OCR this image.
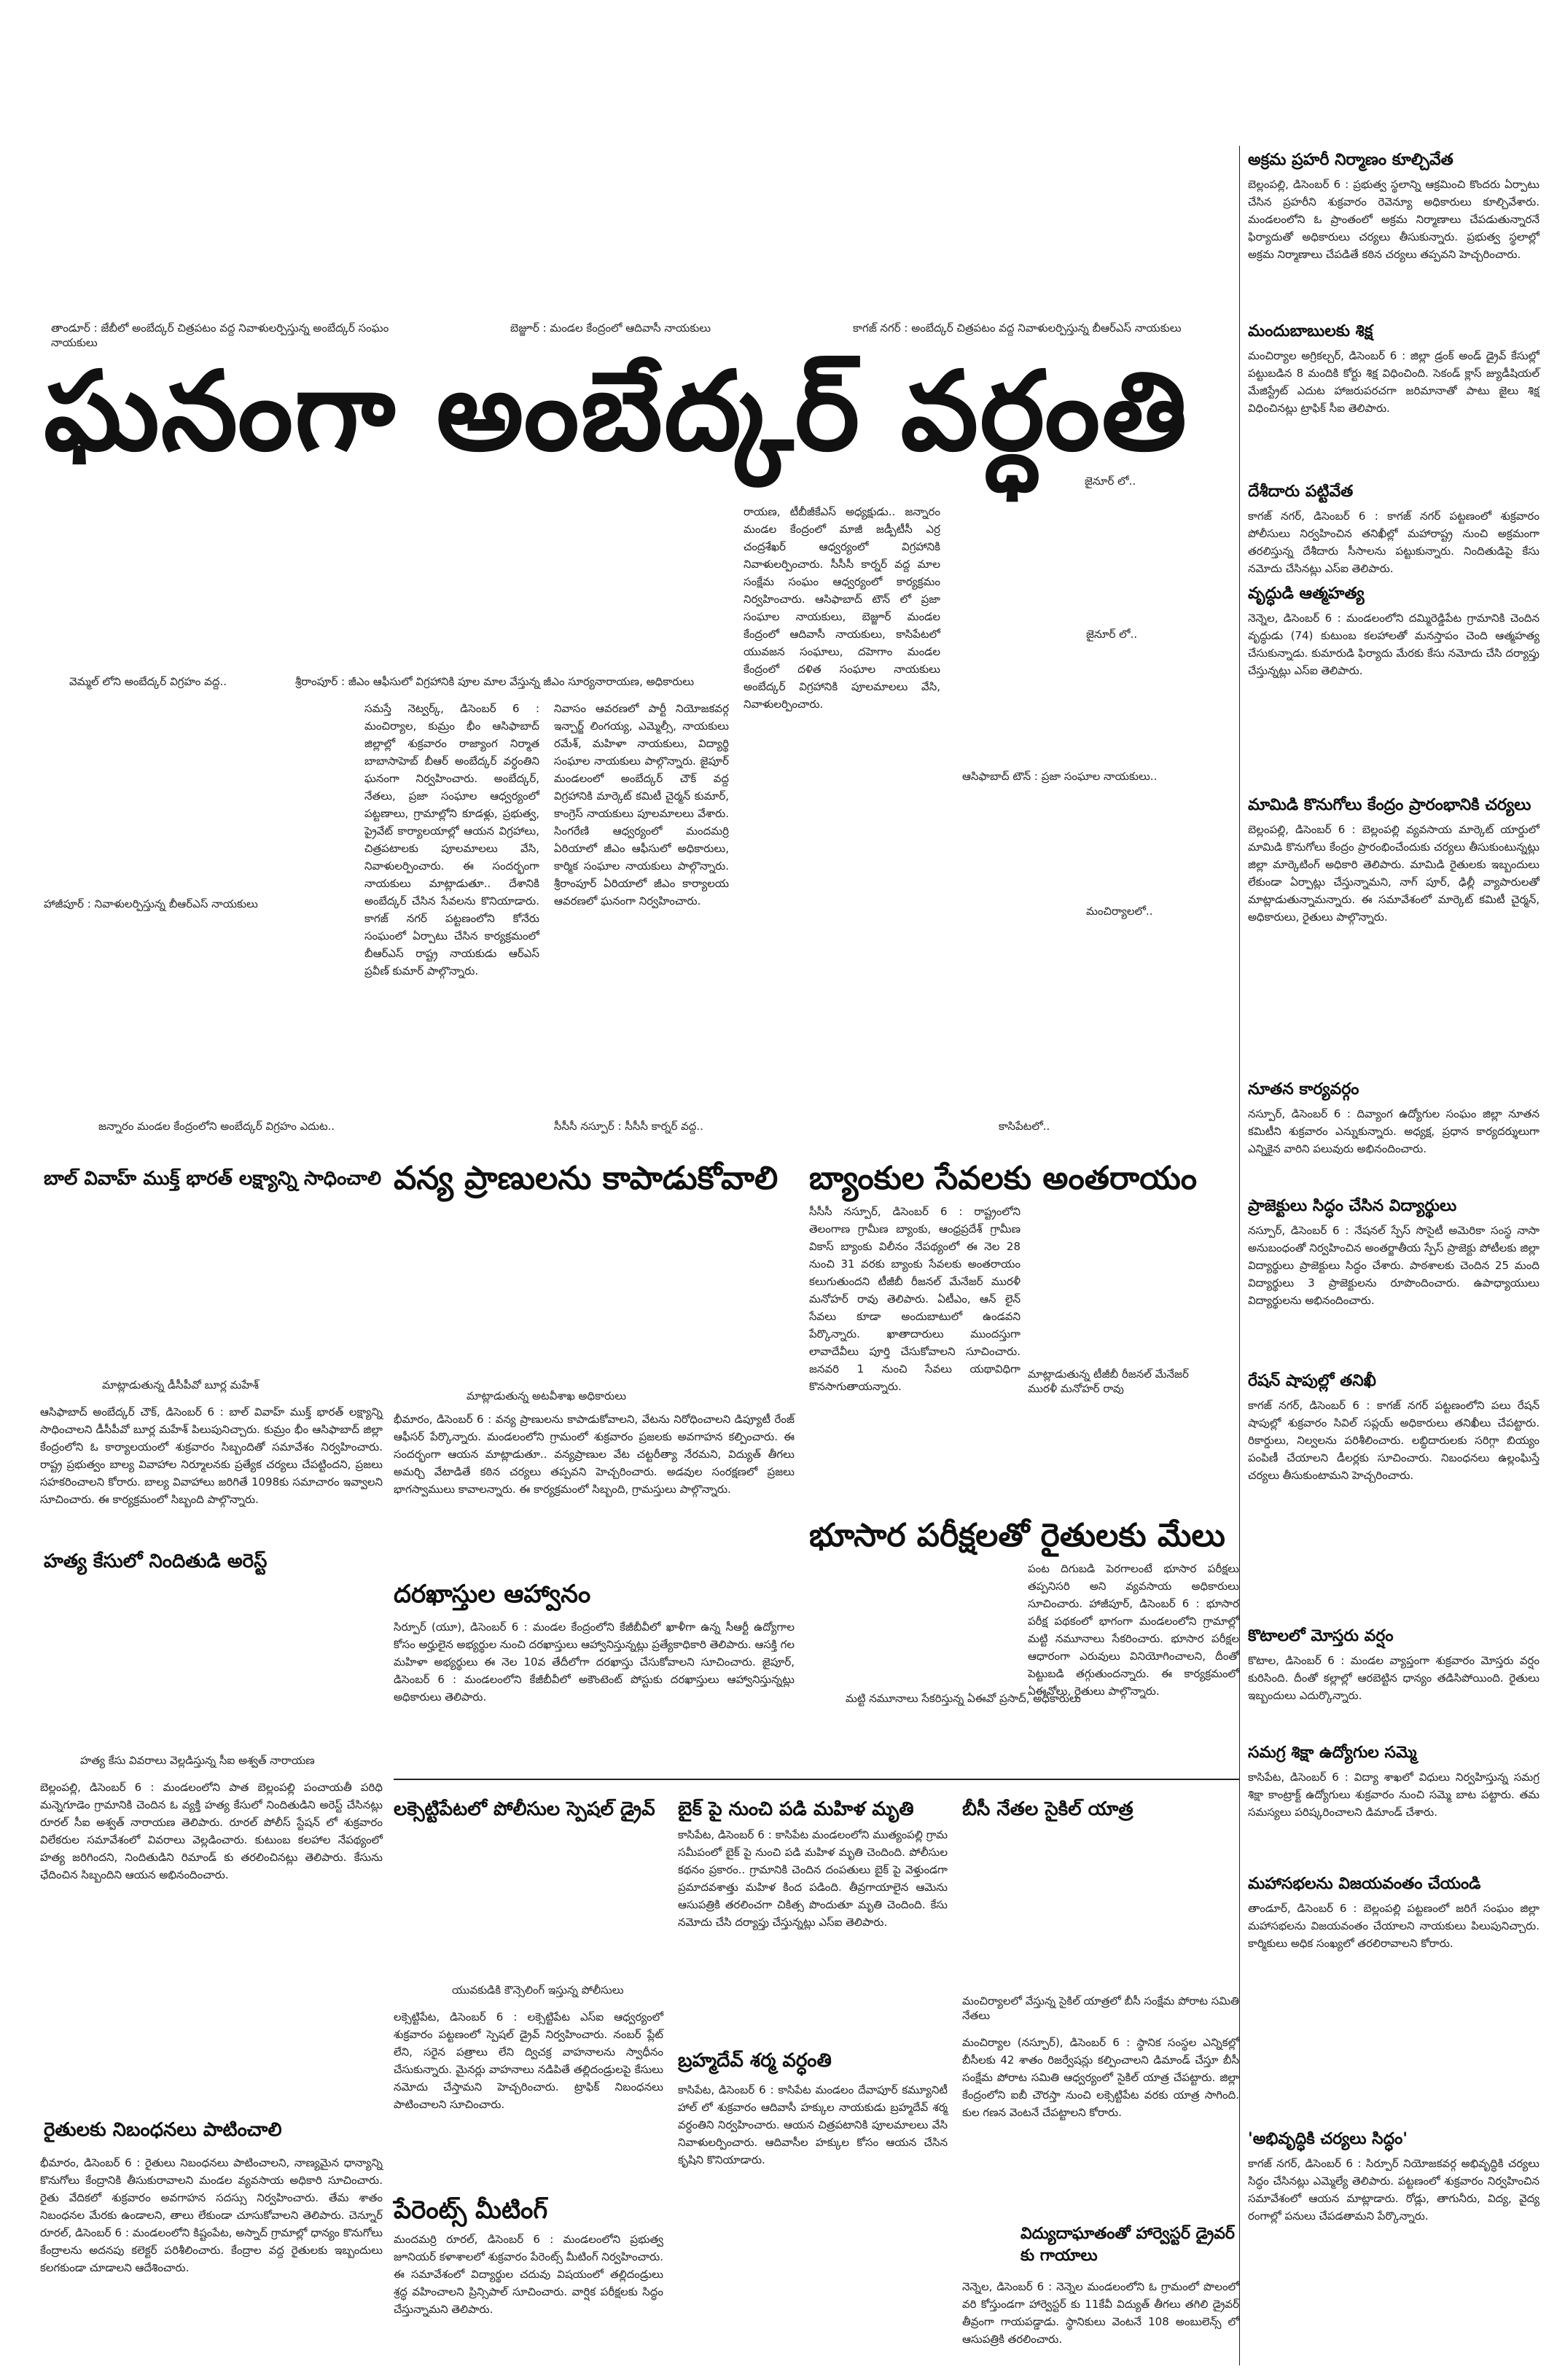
తాండూర్ : జేబీలో అంబేద్కర్ చిత్రపటం వద్ద నివాళులర్పిస్తున్న అంబేద్కర్ సంఘం నాయకులు
బెజ్జూర్ : మండల కేంద్రంలో ఆదివాసీ నాయకులు	కాగజ్ నగర్ : అంబేద్కర్ చిత్రపటం వద్ద నివాళులర్పిస్తున్న బీఆర్ఎస్ నాయకులు
ఘనంగా అంబేద్కర్ వర్ధంతి
జైనూర్ లో..
జైనూర్ లో..
వెమ్మల్ లోని అంబేద్కర్ విగ్రహం వద్ద..	శ్రీరాంపూర్ : జీఎం ఆఫీసులో విగ్రహానికి పూల మాల వేస్తున్న జీఎం సూర్యనారాయణ, అధికారులు
ఆసిఫాబాద్ టౌన్ : ప్రజా సంఘాల నాయకులు..
మంచిర్యాలలో..
హాజీపూర్ : నివాళులర్పిస్తున్న బీఆర్ఎస్ నాయకులు
సమస్తే నెట్వర్క్, డిసెంబర్ 6 : మంచిర్యాల, కుమ్రం భీం ఆసిఫాబాద్ జిల్లాల్లో శుక్రవారం రాజ్యాంగ నిర్మాత బాబాసాహెబ్ బీఆర్ అంబేద్కర్ వర్ధంతిని ఘనంగా నిర్వహించారు. అంబేద్కర్, నేతలు, ప్రజా సంఘాల ఆధ్వర్యంలో పట్టణాలు, గ్రామాల్లోని కూడళ్లు, ప్రభుత్వ, ప్రైవేట్ కార్యాలయాల్లో ఆయన విగ్రహాలు, చిత్రపటాలకు పూలమాలలు వేసి, నివాళులర్పించారు. ఈ సందర్భంగా నాయకులు మాట్లాడుతూ.. దేశానికి అంబేద్కర్ చేసిన సేవలను కొనియాడారు. కాగజ్ నగర్ పట్టణంలోని కోనేరు సంఘంలో ఏర్పాటు చేసిన కార్యక్రమంలో బీఆర్ఎస్ రాష్ట్ర నాయకుడు ఆర్ఎస్ ప్రవీణ్ కుమార్ పాల్గొన్నారు.
నివాసం ఆవరణలో పార్టీ నియోజకవర్గ ఇన్చార్జ్ లింగయ్య, ఎమ్మెల్సీ, నాయకులు రమేశ్, మహిళా నాయకులు, విద్యార్థి సంఘాల నాయకులు పాల్గొన్నారు. జైపూర్ మండలంలో అంబేద్కర్ చౌక్ వద్ద విగ్రహానికి మార్కెట్ కమిటీ చైర్మన్ కుమార్, కాంగ్రెస్ నాయకులు పూలమాలలు వేశారు. సింగరేణి ఆధ్వర్యంలో మందమర్రి ఏరియాలో జీఎం ఆఫీసులో అధికారులు, కార్మిక సంఘాల నాయకులు పాల్గొన్నారు. శ్రీరాంపూర్ ఏరియాలో జీఎం కార్యాలయ ఆవరణలో ఘనంగా నిర్వహించారు.
రాయణ, టీబీజీకేఎస్ అధ్యక్షుడు.. జన్నారం మండల కేంద్రంలో మాజీ జడ్పీటీసీ ఎర్ర చంద్రశేఖర్ ఆధ్వర్యంలో విగ్రహానికి నివాళులర్పించారు. సీసీసీ కార్నర్ వద్ద మాల సంక్షేమ సంఘం ఆధ్వర్యంలో కార్యక్రమం నిర్వహించారు. ఆసిఫాబాద్ టౌన్ లో ప్రజా సంఘాల నాయకులు, బెజ్జూర్ మండల కేంద్రంలో ఆదివాసీ నాయకులు, కాసిపేటలో యువజన సంఘాలు, దహెగాం మండల కేంద్రంలో దళిత సంఘాల నాయకులు అంబేద్కర్ విగ్రహానికి పూలమాలలు వేసి, నివాళులర్పించారు.
జన్నారం మండల కేంద్రంలోని అంబేద్కర్ విగ్రహం ఎదుట..	సీసీసీ నస్పూర్ : సీసీసీ కార్నర్ వద్ద..	కాసిపేటలో..
బాల్ వివాహ్ ముక్త్ భారత్ లక్ష్యాన్ని సాధించాలి
మాట్లాడుతున్న డీసీపీవో బూర్ల మహేశ్
ఆసిఫాబాద్ అంబేద్కర్ చౌక్, డిసెంబర్ 6 : బాల్ వివాహ్ ముక్త్ భారత్ లక్ష్యాన్ని సాధించాలని డీసీపీవో బూర్ల మహేశ్ పిలుపునిచ్చారు. కుమ్రం భీం ఆసిఫాబాద్ జిల్లా కేంద్రంలోని ఓ కార్యాలయంలో శుక్రవారం సిబ్బందితో సమావేశం నిర్వహించారు. రాష్ట్ర ప్రభుత్వం బాల్య వివాహాల నిర్మూలనకు ప్రత్యేక చర్యలు చేపట్టిందని, ప్రజలు సహకరించాలని కోరారు. బాల్య వివాహాలు జరిగితే 1098కు సమాచారం ఇవ్వాలని సూచించారు. ఈ కార్యక్రమంలో సిబ్బంది పాల్గొన్నారు.
హత్య కేసులో నిందితుడి అరెస్ట్
హత్య కేసు వివరాలు వెల్లడిస్తున్న సీఐ అశ్వత్ నారాయణ
బెల్లంపల్లి, డిసెంబర్ 6 : మండలంలోని పాత బెల్లంపల్లి పంచాయతీ పరిధి మన్నెగూడెం గ్రామానికి చెందిన ఓ వ్యక్తి హత్య కేసులో నిందితుడిని అరెస్ట్ చేసినట్లు రూరల్ సీఐ అశ్వత్ నారాయణ తెలిపారు. రూరల్ పోలీస్ స్టేషన్ లో శుక్రవారం విలేకరుల సమావేశంలో వివరాలు వెల్లడించారు. కుటుంబ కలహాల నేపథ్యంలో హత్య జరిగిందని, నిందితుడిని రిమాండ్ కు తరలించినట్లు తెలిపారు. కేసును ఛేదించిన సిబ్బందిని ఆయన అభినందించారు.
రైతులకు నిబంధనలు పాటించాలి
భీమారం, డిసెంబర్ 6 : రైతులు నిబంధనలు పాటించాలని, నాణ్యమైన ధాన్యాన్ని కొనుగోలు కేంద్రానికి తీసుకురావాలని మండల వ్యవసాయ అధికారి సూచించారు. రైతు వేదికలో శుక్రవారం అవగాహన సదస్సు నిర్వహించారు. తేమ శాతం నిబంధనల మేరకు ఉండాలని, తాలు లేకుండా చూసుకోవాలని తెలిపారు. చెన్నూర్ రూరల్, డిసెంబర్ 6 : మండలంలోని కిష్టంపేట, అస్నాద్ గ్రామాల్లో ధాన్యం కొనుగోలు కేంద్రాలను అదనపు కలెక్టర్ పరిశీలించారు. కేంద్రాల వద్ద రైతులకు ఇబ్బందులు కలగకుండా చూడాలని ఆదేశించారు.
వన్య ప్రాణులను కాపాడుకోవాలి
మాట్లాడుతున్న అటవీశాఖ అధికారులు
భీమారం, డిసెంబర్ 6 : వన్య ప్రాణులను కాపాడుకోవాలని, వేటను నిరోధించాలని డిప్యూటీ రేంజ్ ఆఫీసర్ పేర్కొన్నారు. మండలంలోని గ్రామంలో శుక్రవారం ప్రజలకు అవగాహన కల్పించారు. ఈ సందర్భంగా ఆయన మాట్లాడుతూ.. వన్యప్రాణుల వేట చట్టరీత్యా నేరమని, విద్యుత్ తీగలు అమర్చి వేటాడితే కఠిన చర్యలు తప్పవని హెచ్చరించారు. అడవుల సంరక్షణలో ప్రజలు భాగస్వాములు కావాలన్నారు. ఈ కార్యక్రమంలో సిబ్బంది, గ్రామస్తులు పాల్గొన్నారు.
దరఖాస్తుల ఆహ్వానం
సిర్పూర్ (యూ), డిసెంబర్ 6 : మండల కేంద్రంలోని కేజీబీవీలో ఖాళీగా ఉన్న సీఆర్టీ ఉద్యోగాల కోసం అర్హులైన అభ్యర్థుల నుంచి దరఖాస్తులు ఆహ్వానిస్తున్నట్లు ప్రత్యేకాధికారి తెలిపారు. ఆసక్తి గల మహిళా అభ్యర్థులు ఈ నెల 10వ తేదీలోగా దరఖాస్తు చేసుకోవాలని సూచించారు. జైపూర్, డిసెంబర్ 6 : మండలంలోని కేజీబీవీలో అకౌంటెంట్ పోస్టుకు దరఖాస్తులు ఆహ్వానిస్తున్నట్లు అధికారులు తెలిపారు.
బ్యాంకుల సేవలకు అంతరాయం
సీసీసీ నస్పూర్, డిసెంబర్ 6 : రాష్ట్రంలోని తెలంగాణ గ్రామీణ బ్యాంకు, ఆంధ్రప్రదేశ్ గ్రామీణ వికాస్ బ్యాంకు విలీనం నేపథ్యంలో ఈ నెల 28 నుంచి 31 వరకు బ్యాంకు సేవలకు అంతరాయం కలుగుతుందని టీజీబీ రీజనల్ మేనేజర్ మురళీ మనోహర్ రావు తెలిపారు. ఏటీఎం, ఆన్ లైన్ సేవలు కూడా అందుబాటులో ఉండవని పేర్కొన్నారు. ఖాతాదారులు ముందస్తుగా లావాదేవీలు పూర్తి చేసుకోవాలని సూచించారు. జనవరి 1 నుంచి సేవలు యథావిధిగా కొనసాగుతాయన్నారు.
మాట్లాడుతున్న టీజీబీ రీజనల్ మేనేజర్ మురళీ మనోహర్ రావు
భూసార పరీక్షలతో రైతులకు మేలు
పంట దిగుబడి పెరగాలంటే భూసార పరీక్షలు తప్పనిసరి అని వ్యవసాయ అధికారులు సూచించారు. హాజీపూర్, డిసెంబర్ 6 : భూసార పరీక్ష పథకంలో భాగంగా మండలంలోని గ్రామాల్లో మట్టి నమూనాలు సేకరించారు. భూసార పరీక్షల ఆధారంగా ఎరువులు వినియోగించాలని, దీంతో పెట్టుబడి తగ్గుతుందన్నారు. ఈ కార్యక్రమంలో ఏఈవోలు, రైతులు పాల్గొన్నారు.
మట్టి నమూనాలు సేకరిస్తున్న ఏఈవో ప్రసాద్, అధికారులు
లక్సెట్టిపేటలో పోలీసుల స్పెషల్ డ్రైవ్
యువకుడికి కౌన్సెలింగ్ ఇస్తున్న పోలీసులు
లక్సెట్టిపేట, డిసెంబర్ 6 : లక్సెట్టిపేట ఎస్ఐ ఆధ్వర్యంలో శుక్రవారం పట్టణంలో స్పెషల్ డ్రైవ్ నిర్వహించారు. నంబర్ ప్లేట్ లేని, సరైన పత్రాలు లేని ద్విచక్ర వాహనాలను స్వాధీనం చేసుకున్నారు. మైనర్లు వాహనాలు నడిపితే తల్లిదండ్రులపై కేసులు నమోదు చేస్తామని హెచ్చరించారు. ట్రాఫిక్ నిబంధనలు పాటించాలని సూచించారు.
పేరెంట్స్ మీటింగ్
మందమర్రి రూరల్, డిసెంబర్ 6 : మండలంలోని ప్రభుత్వ జూనియర్ కళాశాలలో శుక్రవారం పేరెంట్స్ మీటింగ్ నిర్వహించారు. ఈ సమావేశంలో విద్యార్థుల చదువు విషయంలో తల్లిదండ్రులు శ్రద్ధ వహించాలని ప్రిన్సిపాల్ సూచించారు. వార్షిక పరీక్షలకు సిద్ధం చేస్తున్నామని తెలిపారు.
బైక్ పై నుంచి పడి మహిళ మృతి
కాసిపేట, డిసెంబర్ 6 : కాసిపేట మండలంలోని ముత్యంపల్లి గ్రామ సమీపంలో బైక్ పై నుంచి పడి మహిళ మృతి చెందింది. పోలీసుల కథనం ప్రకారం.. గ్రామానికి చెందిన దంపతులు బైక్ పై వెళ్తుండగా ప్రమాదవశాత్తు మహిళ కింద పడింది. తీవ్రగాయాలైన ఆమెను ఆసుపత్రికి తరలించగా చికిత్స పొందుతూ మృతి చెందింది. కేసు నమోదు చేసి దర్యాప్తు చేస్తున్నట్లు ఎస్ఐ తెలిపారు.
బ్రహ్మదేవ్ శర్మ వర్ధంతి
కాసిపేట, డిసెంబర్ 6 : కాసిపేట మండలం దేవాపూర్ కమ్యూనిటీ హాల్ లో శుక్రవారం ఆదివాసీ హక్కుల నాయకుడు బ్రహ్మదేవ్ శర్మ వర్ధంతిని నిర్వహించారు. ఆయన చిత్రపటానికి పూలమాలలు వేసి నివాళులర్పించారు. ఆదివాసీల హక్కుల కోసం ఆయన చేసిన కృషిని కొనియాడారు.
బీసీ నేతల సైకిల్ యాత్ర
మంచిర్యాలలో వేస్తున్న సైకిల్ యాత్రలో బీసీ సంక్షేమ పోరాట సమితి నేతలు
మంచిర్యాల (నస్పూర్), డిసెంబర్ 6 : స్థానిక సంస్థల ఎన్నికల్లో బీసీలకు 42 శాతం రిజర్వేషన్లు కల్పించాలని డిమాండ్ చేస్తూ బీసీ సంక్షేమ పోరాట సమితి ఆధ్వర్యంలో సైకిల్ యాత్ర చేపట్టారు. జిల్లా కేంద్రంలోని ఐబీ చౌరస్తా నుంచి లక్సెట్టిపేట వరకు యాత్ర సాగింది. కుల గణన వెంటనే చేపట్టాలని కోరారు.
విద్యుదాఘాతంతో హార్వెస్టర్ డ్రైవర్ కు గాయాలు
నెన్నెల, డిసెంబర్ 6 : నెన్నెల మండలంలోని ఓ గ్రామంలో పొలంలో వరి కోస్తుండగా హార్వెస్టర్ కు 11కేవీ విద్యుత్ తీగలు తగిలి డ్రైవర్ తీవ్రంగా గాయపడ్డాడు. స్థానికులు వెంటనే 108 అంబులెన్స్ లో ఆసుపత్రికి తరలించారు.
అక్రమ ప్రహరీ నిర్మాణం కూల్చివేత
బెల్లంపల్లి, డిసెంబర్ 6 : ప్రభుత్వ స్థలాన్ని ఆక్రమించి కొందరు ఏర్పాటు చేసిన ప్రహరీని శుక్రవారం రెవెన్యూ అధికారులు కూల్చివేశారు. మండలంలోని ఓ ప్రాంతంలో అక్రమ నిర్మాణాలు చేపడుతున్నారనే ఫిర్యాదుతో అధికారులు చర్యలు తీసుకున్నారు. ప్రభుత్వ స్థలాల్లో అక్రమ నిర్మాణాలు చేపడితే కఠిన చర్యలు తప్పవని హెచ్చరించారు.
మందుబాబులకు శిక్ష
మంచిర్యాల అగ్రికల్చర్, డిసెంబర్ 6 : జిల్లా డ్రంక్ అండ్ డ్రైవ్ కేసుల్లో పట్టుబడిన 8 మందికి కోర్టు శిక్ష విధించింది. సెకండ్ క్లాస్ జ్యుడీషియల్ మేజిస్ట్రేట్ ఎదుట హాజరుపరచగా జరిమానాతో పాటు జైలు శిక్ష విధించినట్లు ట్రాఫిక్ సీఐ తెలిపారు.
దేశీదారు పట్టివేత
కాగజ్ నగర్, డిసెంబర్ 6 : కాగజ్ నగర్ పట్టణంలో శుక్రవారం పోలీసులు నిర్వహించిన తనిఖీల్లో మహారాష్ట్ర నుంచి అక్రమంగా తరలిస్తున్న దేశీదారు సీసాలను పట్టుకున్నారు. నిందితుడిపై కేసు నమోదు చేసినట్లు ఎస్ఐ తెలిపారు.
వృద్ధుడి ఆత్మహత్య
నెన్నెల, డిసెంబర్ 6 : మండలంలోని దమ్మిరెడ్డిపేట గ్రామానికి చెందిన వృద్ధుడు (74) కుటుంబ కలహాలతో మనస్తాపం చెంది ఆత్మహత్య చేసుకున్నాడు. కుమారుడి ఫిర్యాదు మేరకు కేసు నమోదు చేసి దర్యాప్తు చేస్తున్నట్లు ఎస్ఐ తెలిపారు.
మామిడి కొనుగోలు కేంద్రం ప్రారంభానికి చర్యలు
బెల్లంపల్లి, డిసెంబర్ 6 : బెల్లంపల్లి వ్యవసాయ మార్కెట్ యార్డులో మామిడి కొనుగోలు కేంద్రం ప్రారంభించేందుకు చర్యలు తీసుకుంటున్నట్లు జిల్లా మార్కెటింగ్ అధికారి తెలిపారు. మామిడి రైతులకు ఇబ్బందులు లేకుండా ఏర్పాట్లు చేస్తున్నామని, నాగ్ పూర్, ఢిల్లీ వ్యాపారులతో మాట్లాడుతున్నామన్నారు. ఈ సమావేశంలో మార్కెట్ కమిటీ చైర్మన్, అధికారులు, రైతులు పాల్గొన్నారు.
నూతన కార్యవర్గం
నస్పూర్, డిసెంబర్ 6 : దివ్యాంగ ఉద్యోగుల సంఘం జిల్లా నూతన కమిటీని శుక్రవారం ఎన్నుకున్నారు. అధ్యక్ష, ప్రధాన కార్యదర్శులుగా ఎన్నికైన వారిని పలువురు అభినందించారు.
ప్రాజెక్టులు సిద్ధం చేసిన విద్యార్థులు
నస్పూర్, డిసెంబర్ 6 : నేషనల్ స్పేస్ సొసైటీ అమెరికా సంస్థ నాసా అనుబంధంతో నిర్వహించిన అంతర్జాతీయ స్పేస్ ప్రాజెక్టు పోటీలకు జిల్లా విద్యార్థులు ప్రాజెక్టులు సిద్ధం చేశారు. పాఠశాలకు చెందిన 25 మంది విద్యార్థులు 3 ప్రాజెక్టులను రూపొందించారు. ఉపాధ్యాయులు విద్యార్థులను అభినందించారు.
రేషన్ షాపుల్లో తనిఖీ
కాగజ్ నగర్, డిసెంబర్ 6 : కాగజ్ నగర్ పట్టణంలోని పలు రేషన్ షాపుల్లో శుక్రవారం సివిల్ సప్లయ్ అధికారులు తనిఖీలు చేపట్టారు. రికార్డులు, నిల్వలను పరిశీలించారు. లబ్ధిదారులకు సరిగ్గా బియ్యం పంపిణీ చేయాలని డీలర్లకు సూచించారు. నిబంధనలు ఉల్లంఘిస్తే చర్యలు తీసుకుంటామని హెచ్చరించారు.
కొటాలలో మోస్తరు వర్షం
కొటాల, డిసెంబర్ 6 : మండల వ్యాప్తంగా శుక్రవారం మోస్తరు వర్షం కురిసింది. దీంతో కల్లాల్లో ఆరబెట్టిన ధాన్యం తడిసిపోయింది. రైతులు ఇబ్బందులు ఎదుర్కొన్నారు.
సమగ్ర శిక్షా ఉద్యోగుల సమ్మె
కాసిపేట, డిసెంబర్ 6 : విద్యా శాఖలో విధులు నిర్వహిస్తున్న సమగ్ర శిక్షా కాంట్రాక్ట్ ఉద్యోగులు శుక్రవారం నుంచి సమ్మె బాట పట్టారు. తమ సమస్యలు పరిష్కరించాలని డిమాండ్ చేశారు.
మహాసభలను విజయవంతం చేయండి
తాండూర్, డిసెంబర్ 6 : బెల్లంపల్లి పట్టణంలో జరిగే సంఘం జిల్లా మహాసభలను విజయవంతం చేయాలని నాయకులు పిలుపునిచ్చారు. కార్మికులు అధిక సంఖ్యలో తరలిరావాలని కోరారు.
'అభివృద్ధికి చర్యలు సిద్ధం'
కాగజ్ నగర్, డిసెంబర్ 6 : సిర్పూర్ నియోజకవర్గ అభివృద్ధికి చర్యలు సిద్ధం చేసినట్లు ఎమ్మెల్యే తెలిపారు. పట్టణంలో శుక్రవారం నిర్వహించిన సమావేశంలో ఆయన మాట్లాడారు. రోడ్లు, తాగునీరు, విద్య, వైద్య రంగాల్లో పనులు చేపడతామని పేర్కొన్నారు.
